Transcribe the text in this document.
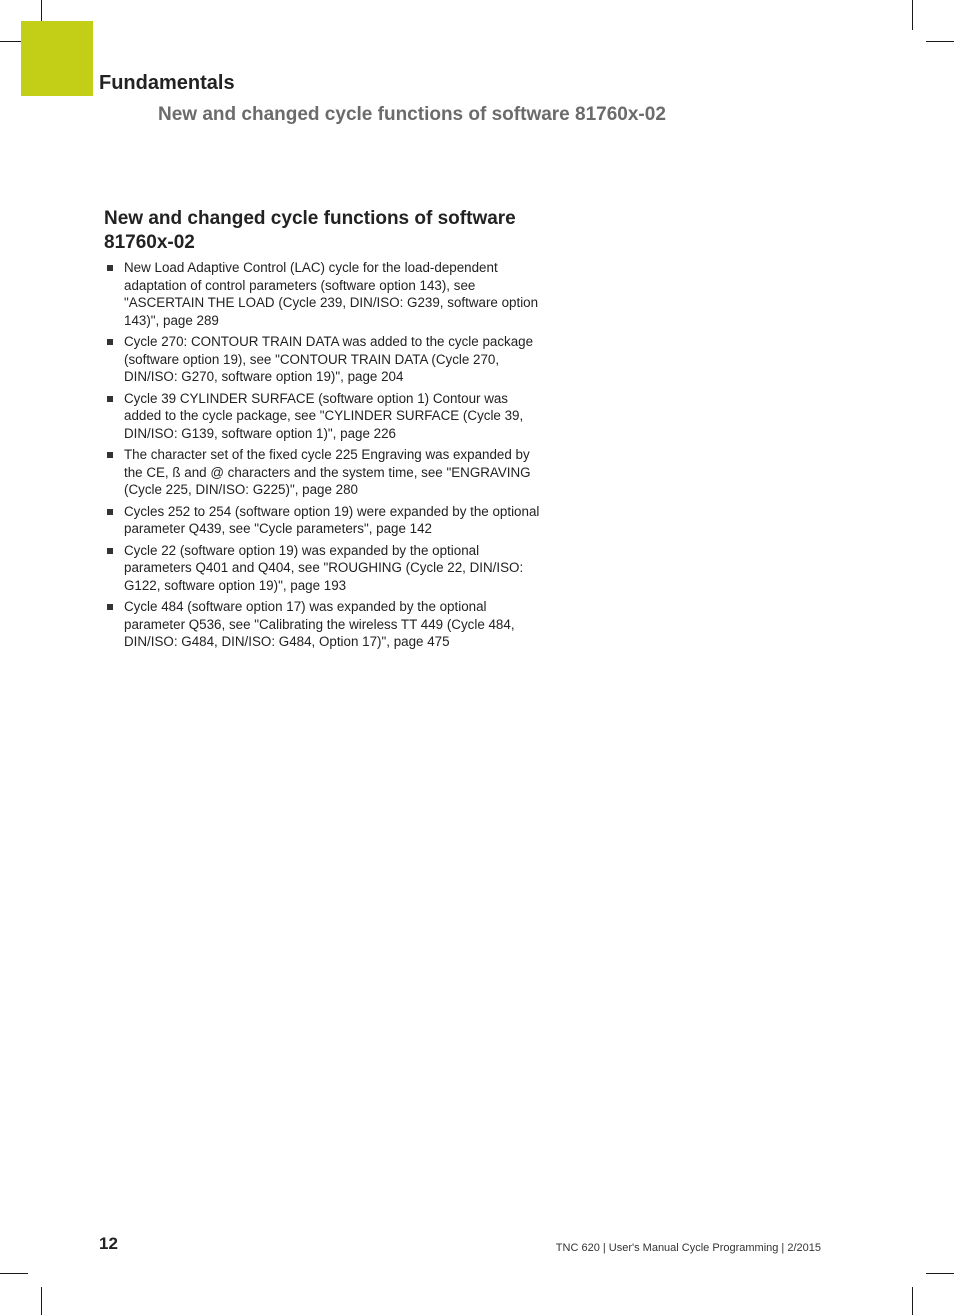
Fundamentals
New and changed cycle functions of software 81760x-02
New and changed cycle functions of software 81760x-02
New Load Adaptive Control (LAC) cycle for the load-dependent adaptation of control parameters (software option 143), see "ASCERTAIN THE LOAD (Cycle 239, DIN/ISO: G239, software option 143)", page 289
Cycle 270: CONTOUR TRAIN DATA was added to the cycle package (software option 19), see "CONTOUR TRAIN DATA (Cycle 270, DIN/ISO: G270, software option 19)", page 204
Cycle 39 CYLINDER SURFACE (software option 1) Contour was added to the cycle package, see "CYLINDER SURFACE (Cycle 39, DIN/ISO: G139, software option 1)", page 226
The character set of the fixed cycle 225 Engraving was expanded by the CE, ß and @ characters and the system time, see "ENGRAVING (Cycle 225, DIN/ISO: G225)", page 280
Cycles 252 to 254 (software option 19) were expanded by the optional parameter Q439, see "Cycle parameters", page 142
Cycle 22 (software option 19) was expanded by the optional parameters Q401 and Q404, see "ROUGHING (Cycle 22, DIN/ISO: G122, software option 19)", page 193
Cycle 484 (software option 17) was expanded by the optional parameter Q536, see "Calibrating the wireless TT 449 (Cycle 484, DIN/ISO: G484, DIN/ISO: G484, Option 17)", page 475
12	TNC 620 | User's Manual Cycle Programming | 2/2015
